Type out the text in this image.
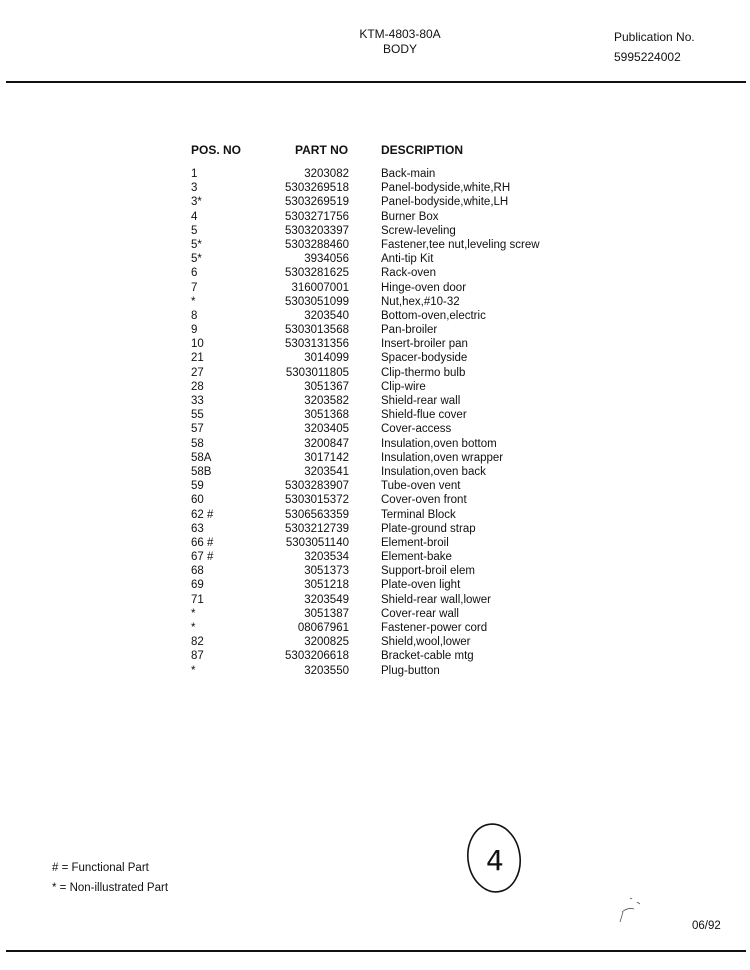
KTM-4803-80A
BODY
Publication No.
5995224002
POS. NO	PART NO	DESCRIPTION
1	3203082	Back-main
3	5303269518	Panel-bodyside,white,RH
3*	5303269519	Panel-bodyside,white,LH
4	5303271756	Burner Box
5	5303203397	Screw-leveling
5*	5303288460	Fastener,tee nut,leveling screw
5*	3934056	Anti-tip Kit
6	5303281625	Rack-oven
7	316007001	Hinge-oven door
*	5303051099	Nut,hex,#10-32
8	3203540	Bottom-oven,electric
9	5303013568	Pan-broiler
10	5303131356	Insert-broiler pan
21	3014099	Spacer-bodyside
27	5303011805	Clip-thermo bulb
28	3051367	Clip-wire
33	3203582	Shield-rear wall
55	3051368	Shield-flue cover
57	3203405	Cover-access
58	3200847	Insulation,oven bottom
58A	3017142	Insulation,oven wrapper
58B	3203541	Insulation,oven back
59	5303283907	Tube-oven vent
60	5303015372	Cover-oven front
62 #	5306563359	Terminal Block
63	5303212739	Plate-ground strap
66 #	5303051140	Element-broil
67 #	3203534	Element-bake
68	3051373	Support-broil elem
69	3051218	Plate-oven light
71	3203549	Shield-rear wall,lower
*	3051387	Cover-rear wall
*	08067961	Fastener-power cord
82	3200825	Shield,wool,lower
87	5303206618	Bracket-cable mtg
*	3203550	Plug-button
# = Functional Part
* = Non-illustrated Part
4
06/92
